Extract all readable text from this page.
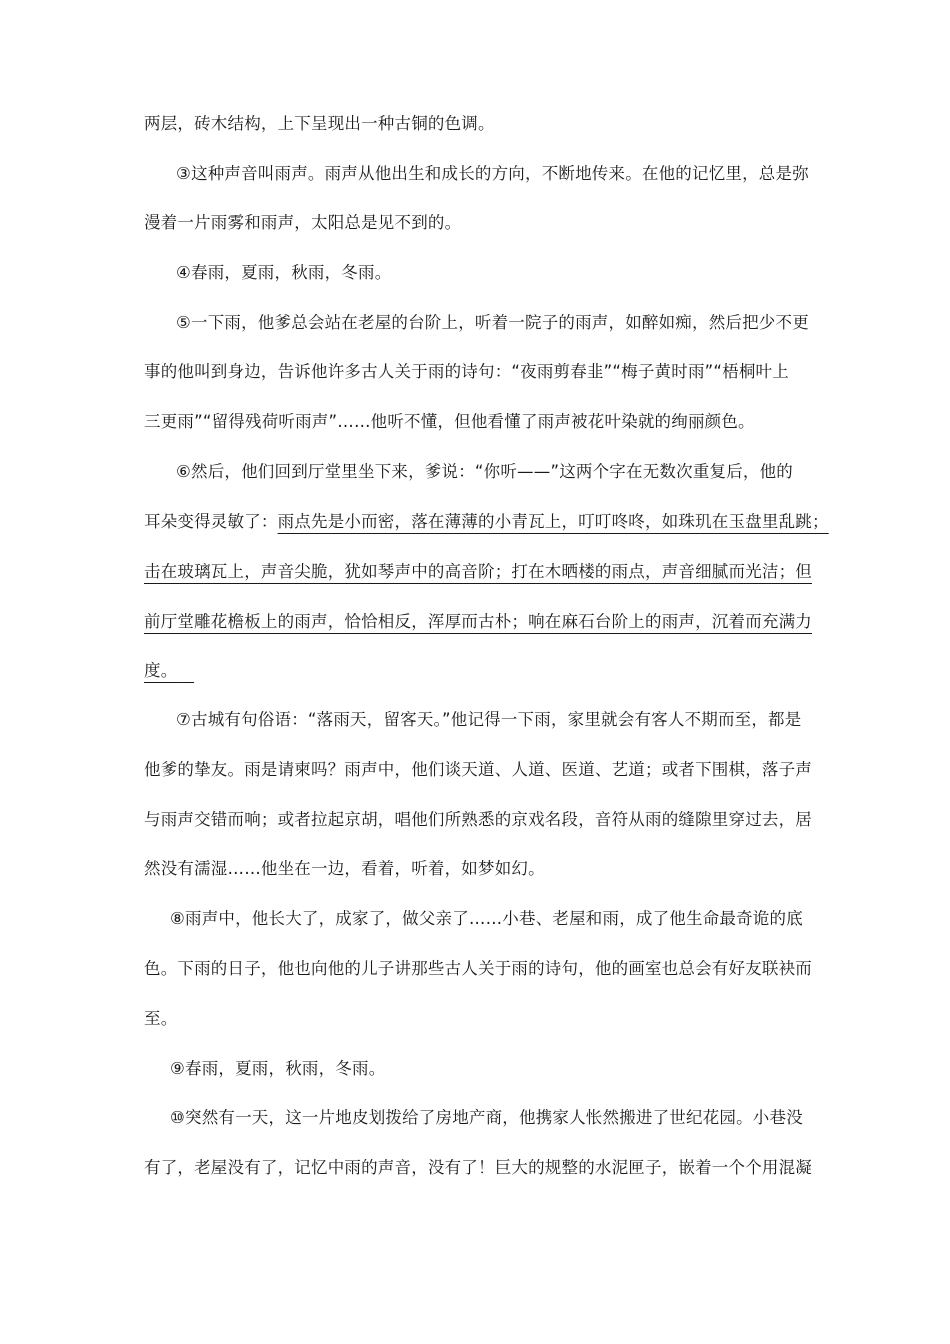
两层，砖木结构，上下呈现出一种古铜的色调。
③这种声音叫雨声。雨声从他出生和成长的方向，不断地传来。在他的记忆里，总是弥
漫着一片雨雾和雨声，太阳总是见不到的。
④春雨，夏雨，秋雨，冬雨。
⑤一下雨，他爹总会站在老屋的台阶上，听着一院子的雨声，如醉如痴，然后把少不更
事的他叫到身边，告诉他许多古人关于雨的诗句：“夜雨剪春韭”“梅子黄时雨”“梧桐叶上
三更雨”“留得残荷听雨声”……他听不懂，但他看懂了雨声被花叶染就的绚丽颜色。
⑥然后，他们回到厅堂里坐下来，爹说：“你听——”这两个字在无数次重复后，他的
耳朵变得灵敏了：雨点先是小而密，落在薄薄的小青瓦上，叮叮咚咚，如珠玑在玉盘里乱跳；
击在玻璃瓦上，声音尖脆，犹如琴声中的高音阶；打在木晒楼的雨点，声音细腻而光洁；但
前厅堂雕花檐板上的雨声，恰恰相反，浑厚而古朴；响在麻石台阶上的雨声，沉着而充满力
度。 
⑦古城有句俗语：“落雨天，留客天。”他记得一下雨，家里就会有客人不期而至，都是
他爹的挚友。雨是请柬吗？雨声中，他们谈天道、人道、医道、艺道；或者下围棋，落子声
与雨声交错而响；或者拉起京胡，唱他们所熟悉的京戏名段，音符从雨的缝隙里穿过去，居
然没有濡湿……他坐在一边，看着，听着，如梦如幻。
⑧雨声中，他长大了，成家了，做父亲了……小巷、老屋和雨，成了他生命最奇诡的底
色。下雨的日子，他也向他的儿子讲那些古人关于雨的诗句，他的画室也总会有好友联袂而
至。
⑨春雨，夏雨，秋雨，冬雨。
⑩突然有一天，这一片地皮划拨给了房地产商，他携家人怅然搬进了世纪花园。小巷没
有了，老屋没有了，记忆中雨的声音，没有了！巨大的规整的水泥匣子，嵌着一个个用混凝
